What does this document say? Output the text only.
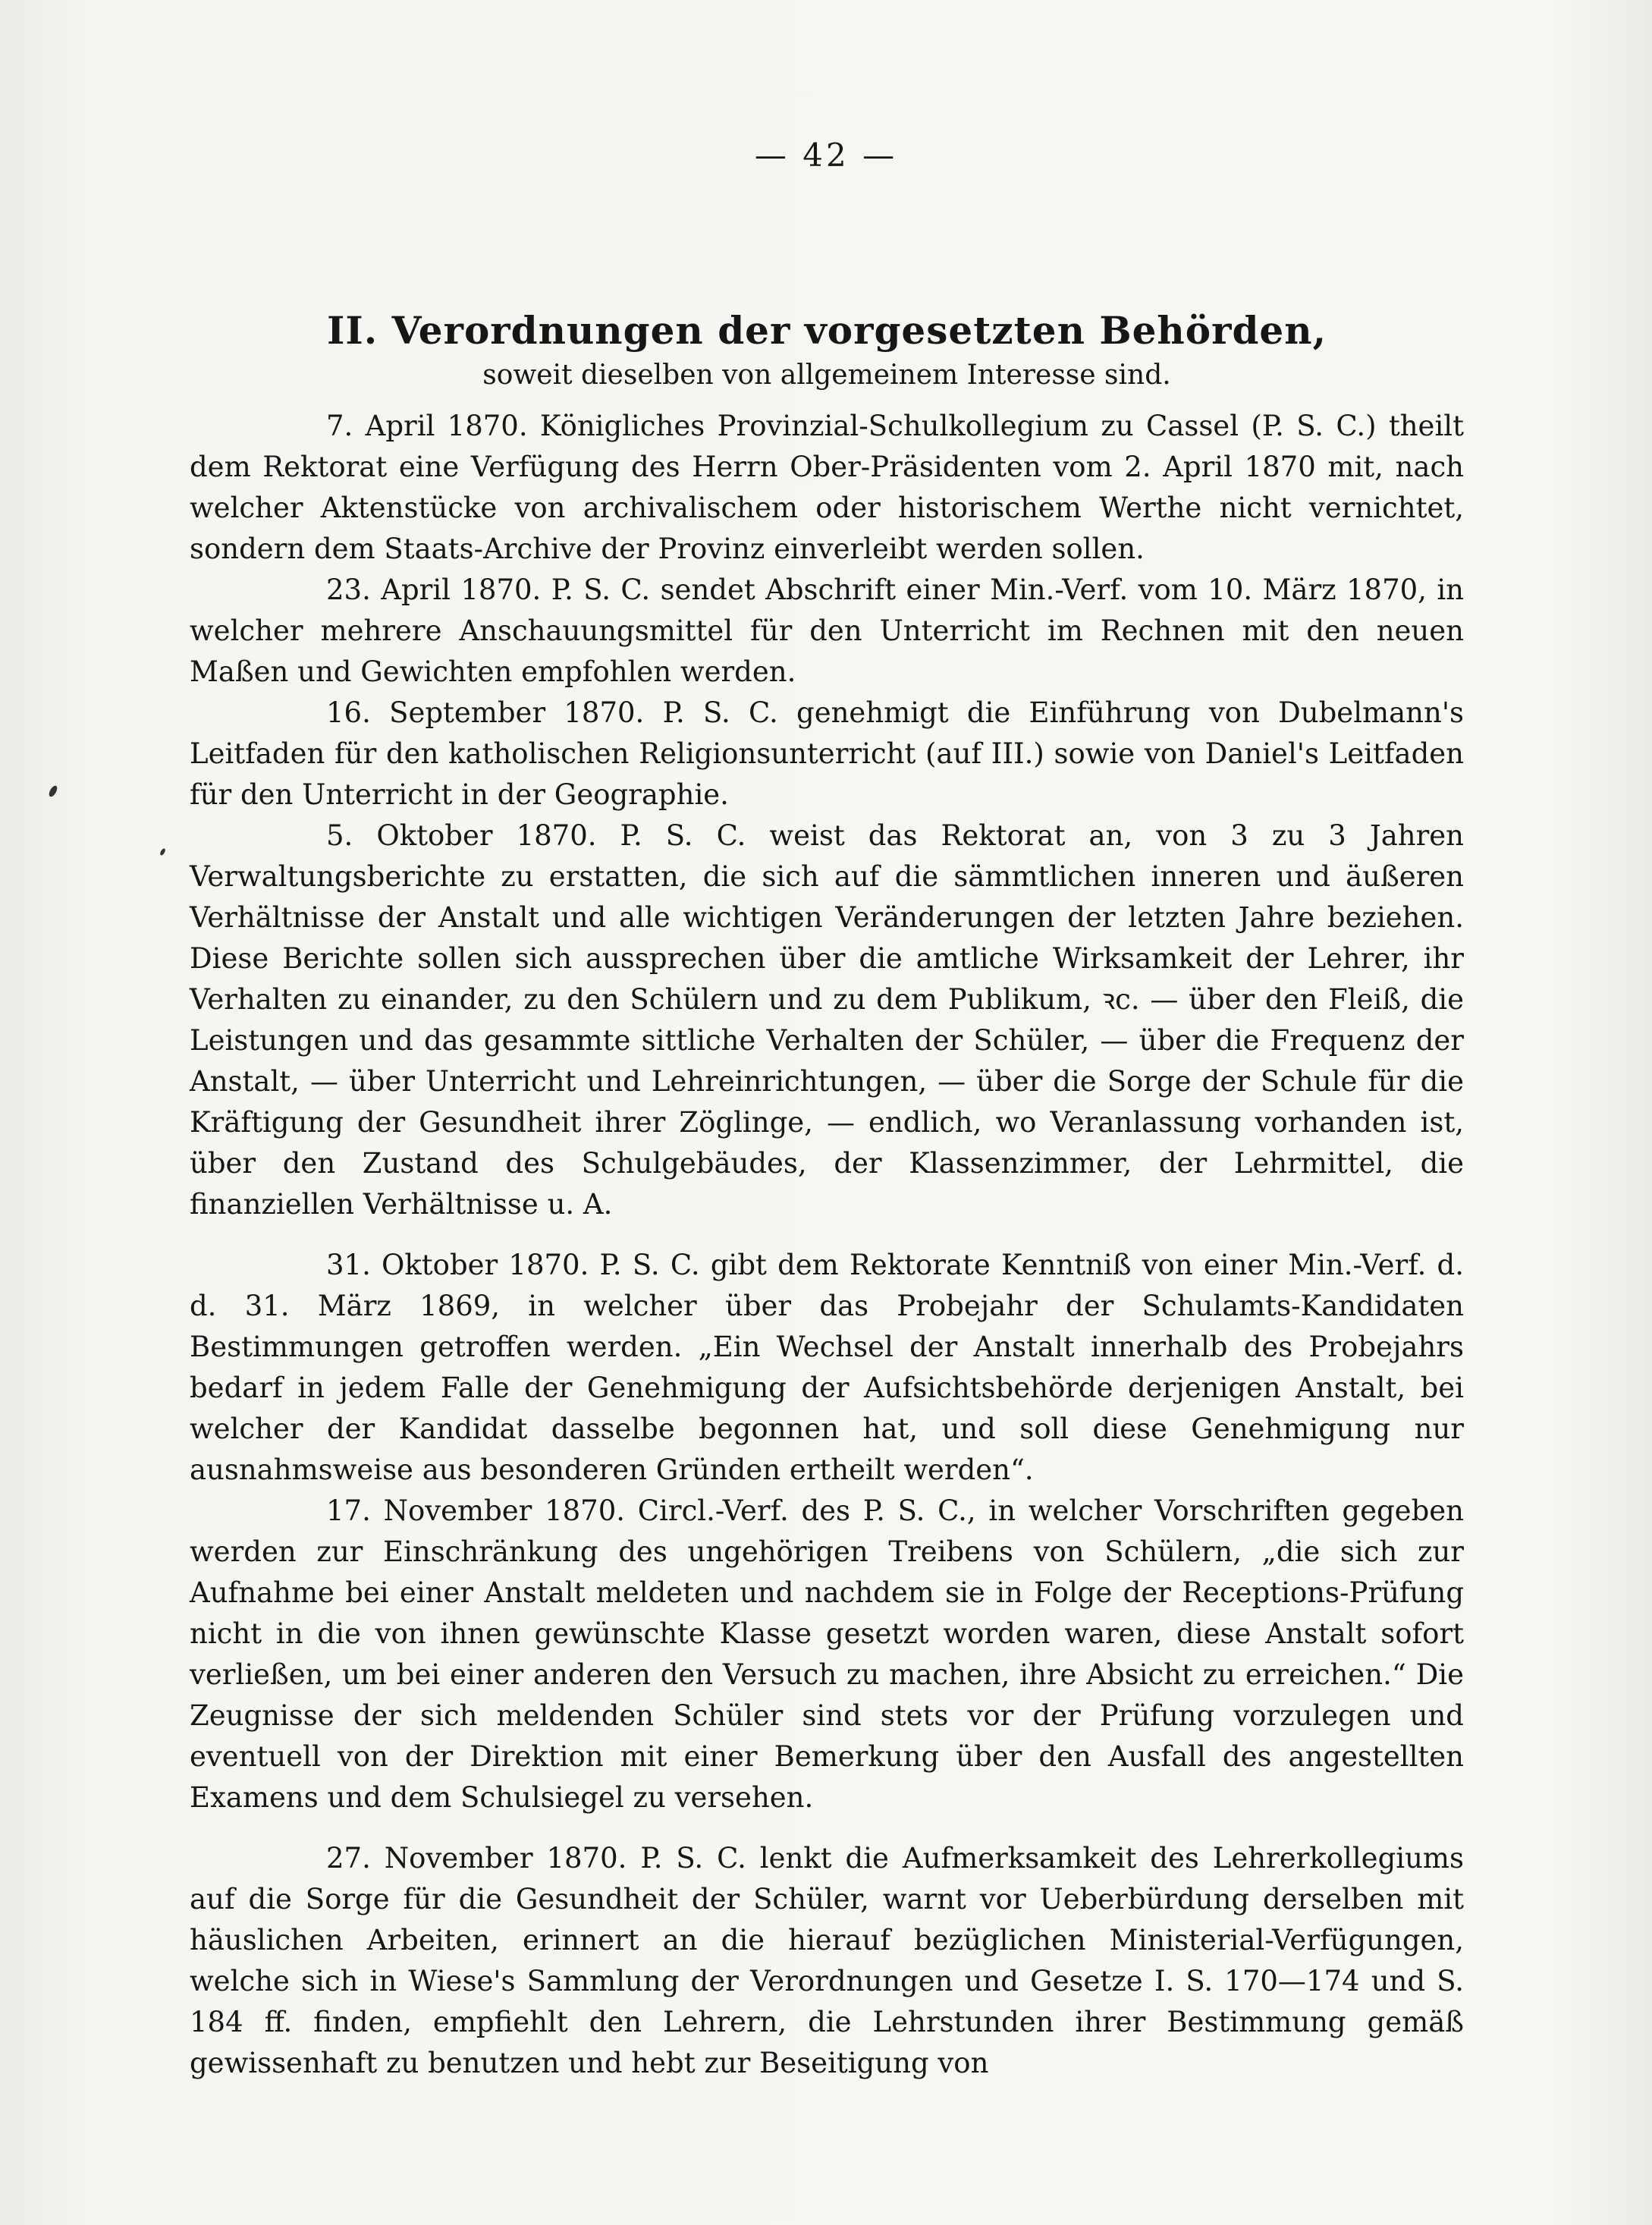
— 42 —
II. Verordnungen der vorgesetzten Behörden,
soweit dieselben von allgemeinem Interesse sind.

7. April 1870. Königliches Provinzial-Schulkollegium zu Cassel (P. S. C.) theilt dem Rektorat eine Verfügung des Herrn Ober-Präsidenten vom 2. April 1870 mit, nach welcher Aktenstücke von archivalischem oder historischem Werthe nicht vernichtet, sondern dem Staats-Archive der Provinz einverleibt werden sollen.

23. April 1870. P. S. C. sendet Abschrift einer Min.-Verf. vom 10. März 1870, in welcher mehrere Anschauungsmittel für den Unterricht im Rechnen mit den neuen Maßen und Gewichten empfohlen werden.

16. September 1870. P. S. C. genehmigt die Einführung von Dubelmann's Leitfaden für den katholischen Religionsunterricht (auf III.) sowie von Daniel's Leitfaden für den Unterricht in der Geographie.

5. Oktober 1870. P. S. C. weist das Rektorat an, von 3 zu 3 Jahren Verwaltungsberichte zu erstatten, die sich auf die sämmtlichen inneren und äußeren Verhältnisse der Anstalt und alle wichtigen Veränderungen der letzten Jahre beziehen. Diese Berichte sollen sich aussprechen über die amtliche Wirksamkeit der Lehrer, ihr Verhalten zu einander, zu den Schülern und zu dem Publikum, ꝛc. — über den Fleiß, die Leistungen und das gesammte sittliche Verhalten der Schüler, — über die Frequenz der Anstalt, — über Unterricht und Lehreinrichtungen, — über die Sorge der Schule für die Kräftigung der Gesundheit ihrer Zöglinge, — endlich, wo Veranlassung vorhanden ist, über den Zustand des Schulgebäudes, der Klassenzimmer, der Lehrmittel, die finanziellen Verhältnisse u. A.

31. Oktober 1870. P. S. C. gibt dem Rektorate Kenntniß von einer Min.-Verf. d. d. 31. März 1869, in welcher über das Probejahr der Schulamts-Kandidaten Bestimmungen getroffen werden. „Ein Wechsel der Anstalt innerhalb des Probejahrs bedarf in jedem Falle der Genehmigung der Aufsichtsbehörde derjenigen Anstalt, bei welcher der Kandidat dasselbe begonnen hat, und soll diese Genehmigung nur ausnahmsweise aus besonderen Gründen ertheilt werden“.

17. November 1870. Circl.-Verf. des P. S. C., in welcher Vorschriften gegeben werden zur Einschränkung des ungehörigen Treibens von Schülern, „die sich zur Aufnahme bei einer Anstalt meldeten und nachdem sie in Folge der Receptions-Prüfung nicht in die von ihnen gewünschte Klasse gesetzt worden waren, diese Anstalt sofort verließen, um bei einer anderen den Versuch zu machen, ihre Absicht zu erreichen.“ Die Zeugnisse der sich meldenden Schüler sind stets vor der Prüfung vorzulegen und eventuell von der Direktion mit einer Bemerkung über den Ausfall des angestellten Examens und dem Schulsiegel zu versehen.

27. November 1870. P. S. C. lenkt die Aufmerksamkeit des Lehrerkollegiums auf die Sorge für die Gesundheit der Schüler, warnt vor Ueberbürdung derselben mit häuslichen Arbeiten, erinnert an die hierauf bezüglichen Ministerial-Verfügungen, welche sich in Wiese's Sammlung der Verordnungen und Gesetze I. S. 170—174 und S. 184 ff. finden, empfiehlt den Lehrern, die Lehrstunden ihrer Bestimmung gemäß gewissenhaft zu benutzen und hebt zur Beseitigung von
